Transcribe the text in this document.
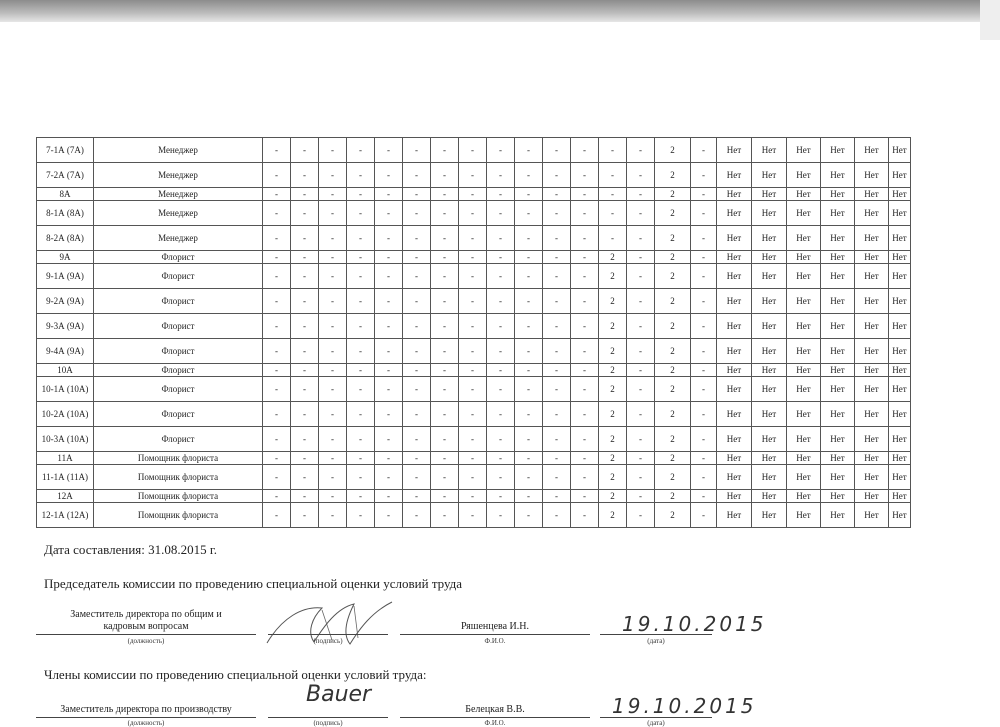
7-1А (7А)	Менеджер	-	-	-	-	-	-	-	-	-	-	-	-	-	-	2	-	Нет	Нет	Нет	Нет	Нет	Нет
7-2А (7А)	Менеджер	-	-	-	-	-	-	-	-	-	-	-	-	-	-	2	-	Нет	Нет	Нет	Нет	Нет	Нет
8А	Менеджер	-	-	-	-	-	-	-	-	-	-	-	-	-	-	2	-	Нет	Нет	Нет	Нет	Нет	Нет
8-1А (8А)	Менеджер	-	-	-	-	-	-	-	-	-	-	-	-	-	-	2	-	Нет	Нет	Нет	Нет	Нет	Нет
8-2А (8А)	Менеджер	-	-	-	-	-	-	-	-	-	-	-	-	-	-	2	-	Нет	Нет	Нет	Нет	Нет	Нет
9А	Флорист	-	-	-	-	-	-	-	-	-	-	-	-	2	-	2	-	Нет	Нет	Нет	Нет	Нет	Нет
9-1А (9А)	Флорист	-	-	-	-	-	-	-	-	-	-	-	-	2	-	2	-	Нет	Нет	Нет	Нет	Нет	Нет
9-2А (9А)	Флорист	-	-	-	-	-	-	-	-	-	-	-	-	2	-	2	-	Нет	Нет	Нет	Нет	Нет	Нет
9-3А (9А)	Флорист	-	-	-	-	-	-	-	-	-	-	-	-	2	-	2	-	Нет	Нет	Нет	Нет	Нет	Нет
9-4А (9А)	Флорист	-	-	-	-	-	-	-	-	-	-	-	-	2	-	2	-	Нет	Нет	Нет	Нет	Нет	Нет
10А	Флорист	-	-	-	-	-	-	-	-	-	-	-	-	2	-	2	-	Нет	Нет	Нет	Нет	Нет	Нет
10-1А (10А)	Флорист	-	-	-	-	-	-	-	-	-	-	-	-	2	-	2	-	Нет	Нет	Нет	Нет	Нет	Нет
10-2А (10А)	Флорист	-	-	-	-	-	-	-	-	-	-	-	-	2	-	2	-	Нет	Нет	Нет	Нет	Нет	Нет
10-3А (10А)	Флорист	-	-	-	-	-	-	-	-	-	-	-	-	2	-	2	-	Нет	Нет	Нет	Нет	Нет	Нет
11А	Помощник флориста	-	-	-	-	-	-	-	-	-	-	-	-	2	-	2	-	Нет	Нет	Нет	Нет	Нет	Нет
11-1А (11А)	Помощник флориста	-	-	-	-	-	-	-	-	-	-	-	-	2	-	2	-	Нет	Нет	Нет	Нет	Нет	Нет
12А	Помощник флориста	-	-	-	-	-	-	-	-	-	-	-	-	2	-	2	-	Нет	Нет	Нет	Нет	Нет	Нет
12-1А (12А)	Помощник флориста	-	-	-	-	-	-	-	-	-	-	-	-	2	-	2	-	Нет	Нет	Нет	Нет	Нет	Нет
Дата составления: 31.08.2015 г.
Председатель комиссии по проведению специальной оценки условий труда
Заместитель директора по общим и
кадровым вопросам
(должность)	(подпись)
Ряшенцева И.Н.
Ф.И.О.
19.10.2015
(дата)
Члены комиссии по проведению специальной оценки условий труда:
Заместитель директора по производству
(должность)
Bauer
(подпись)
Белецкая В.В.
Ф.И.О.
19.10.2015
(дата)
